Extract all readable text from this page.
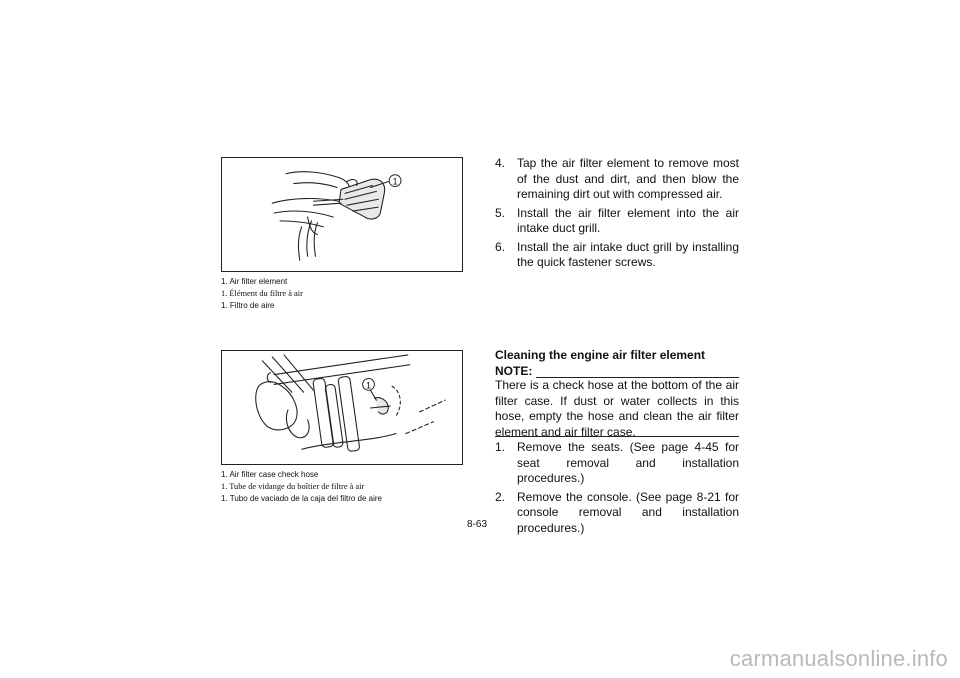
1
1. Air filter element
1. Élément du filtre à air
1. Filtro de aire
1
1. Air filter case check hose
1. Tube de vidange du boîtier de filtre à air
1. Tubo de vaciado de la caja del filtro de aire
4. Tap the air filter element to remove most of the dust and dirt, and then blow the remaining dirt out with compressed air.
5. Install the air filter element into the air intake duct grill.
6. Install the air intake duct grill by installing the quick fastener screws.
Cleaning the engine air filter element
NOTE:
There is a check hose at the bottom of the air filter case. If dust or water collects in this hose, empty the hose and clean the air filter element and air filter case.
1. Remove the seats. (See page 4-45 for seat removal and installation procedures.)
2. Remove the console. (See page 8-21 for console removal and installation procedures.)
8-63
carmanualsonline.info
